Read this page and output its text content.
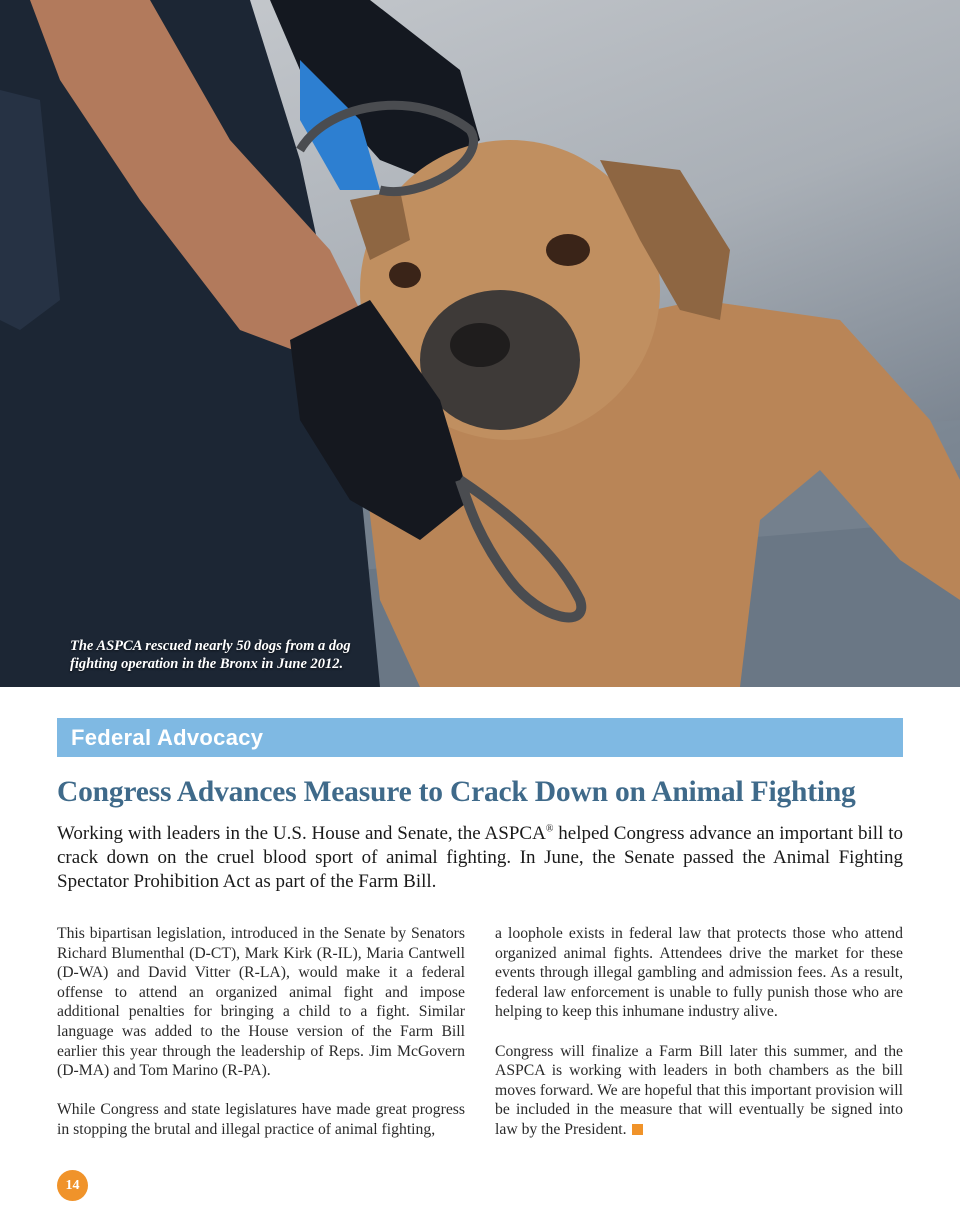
The ASPCA rescued nearly 50 dogs from a dog fighting operation in the Bronx in June 2012.
Federal Advocacy
Congress Advances Measure to Crack Down on Animal Fighting

Working with leaders in the U.S. House and Senate, the ASPCA® helped Congress advance an important bill to crack down on the cruel blood sport of animal fighting. In June, the Senate passed the Animal Fighting Spectator Prohibition Act as part of the Farm Bill.

This bipartisan legislation, introduced in the Senate by Senators Richard Blumenthal (D-CT), Mark Kirk (R-IL), Maria Cantwell (D-WA) and David Vitter (R-LA), would make it a federal offense to attend an organized animal fight and impose additional penalties for bringing a child to a fight. Similar language was added to the House version of the Farm Bill earlier this year through the leadership of Reps. Jim McGovern (D-MA) and Tom Marino (R-PA).

While Congress and state legislatures have made great progress in stopping the brutal and illegal practice of animal fighting,

a loophole exists in federal law that protects those who attend organized animal fights. Attendees drive the market for these events through illegal gambling and admission fees. As a result, federal law enforcement is unable to fully punish those who are helping to keep this inhumane industry alive.

Congress will finalize a Farm Bill later this summer, and the ASPCA is working with leaders in both chambers as the bill moves forward. We are hopeful that this important provision will be included in the measure that will eventually be signed into law by the President.

14
